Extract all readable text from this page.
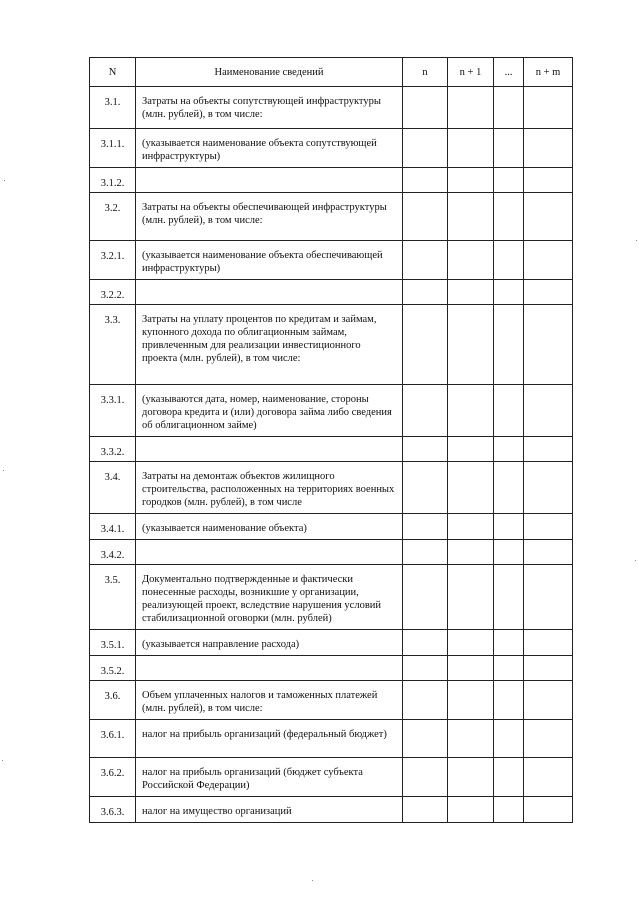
N	Наименование сведений	n	n + 1	...	n + m
3.1.	Затраты на объекты сопутствующей инфраструктуры (млн. рублей), в том числе:				
3.1.1.	(указывается наименование объекта сопутствующей инфраструктуры)				
3.1.2.					
3.2.	Затраты на объекты обеспечивающей инфраструктуры (млн. рублей), в том числе:				
3.2.1.	(указывается наименование объекта обеспечивающей инфраструктуры)				
3.2.2.					
3.3.	Затраты на уплату процентов по кредитам и займам, купонного дохода по облигационным займам, привлеченным для реализации инвестиционного проекта (млн. рублей), в том числе:				
3.3.1.	(указываются дата, номер, наименование, стороны договора кредита и (или) договора займа либо сведения об облигационном займе)				
3.3.2.					
3.4.	Затраты на демонтаж объектов жилищного строительства, расположенных на территориях военных городков (млн. рублей), в том числе				
3.4.1.	(указывается наименование объекта)				
3.4.2.					
3.5.	Документально подтвержденные и фактически понесенные расходы, возникшие у организации, реализующей проект, вследствие нарушения условий стабилизационной оговорки (млн. рублей)				
3.5.1.	(указывается направление расхода)				
3.5.2.					
3.6.	Объем уплаченных налогов и таможенных платежей (млн. рублей), в том числе:				
3.6.1.	налог на прибыль организаций (федеральный бюджет)				
3.6.2.	налог на прибыль организаций (бюджет субъекта Российской Федерации)				
3.6.3.	налог на имущество организаций				
